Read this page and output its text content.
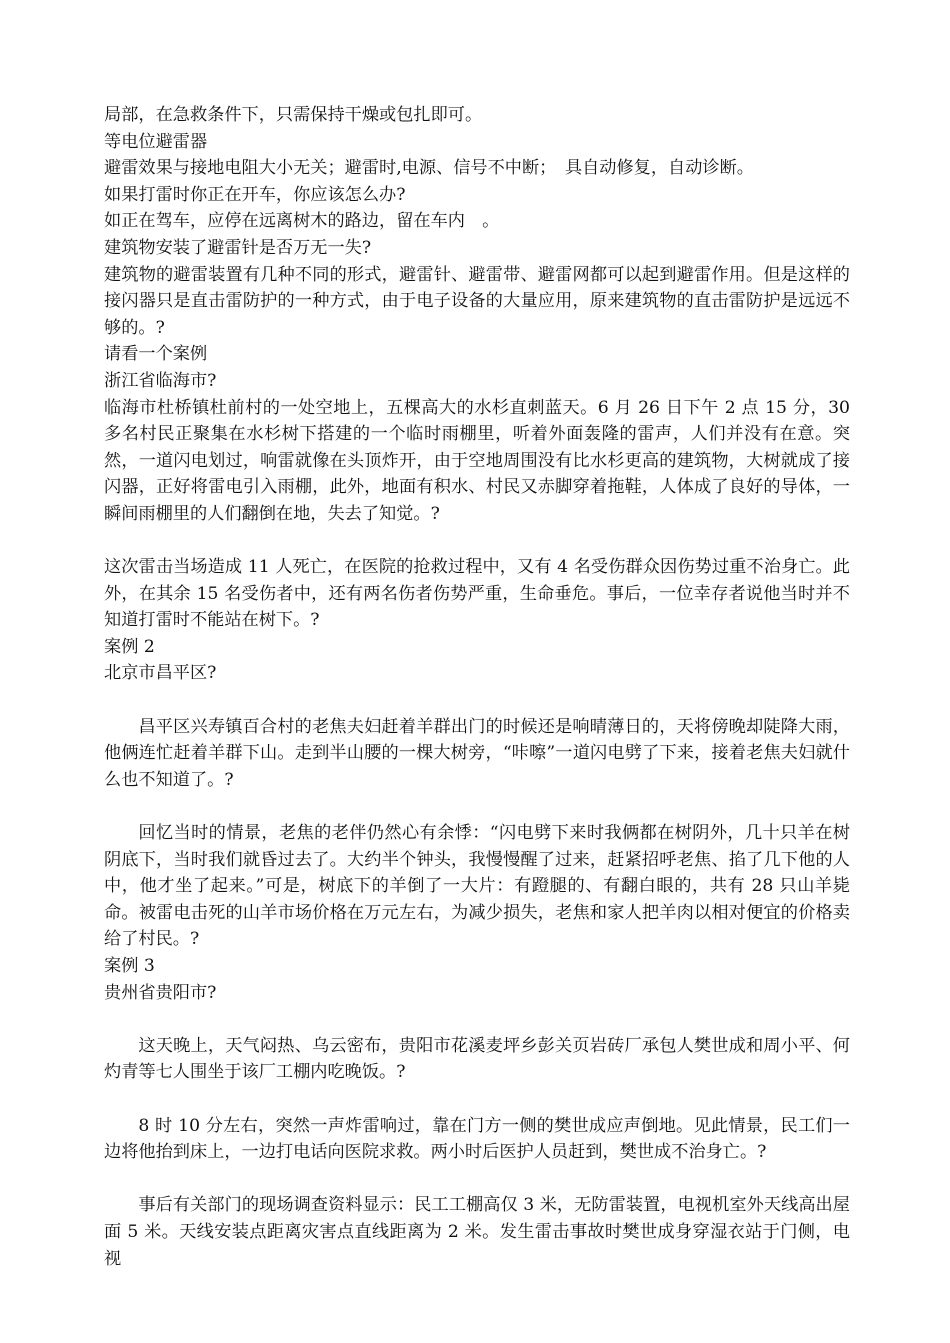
局部，在急救条件下，只需保持干燥或包扎即可。

等电位避雷器

避雷效果与接地电阻大小无关；避雷时,电源、信号不中断；　具自动修复，自动诊断。

如果打雷时你正在开车，你应该怎么办?

如正在驾车，应停在远离树木的路边，留在车内　。

建筑物安装了避雷针是否万无一失?

建筑物的避雷装置有几种不同的形式，避雷针、避雷带、避雷网都可以起到避雷作用。但是这样的接闪器只是直击雷防护的一种方式，由于电子设备的大量应用，原来建筑物的直击雷防护是远远不够的。?

请看一个案例

浙江省临海市?

临海市杜桥镇杜前村的一处空地上，五棵高大的水杉直刺蓝天。6 月 26 日下午 2 点 15 分，30 多名村民正聚集在水杉树下搭建的一个临时雨棚里，听着外面轰隆的雷声，人们并没有在意。突然，一道闪电划过，响雷就像在头顶炸开，由于空地周围没有比水杉更高的建筑物，大树就成了接闪器，正好将雷电引入雨棚，此外，地面有积水、村民又赤脚穿着拖鞋，人体成了良好的导体，一瞬间雨棚里的人们翻倒在地，失去了知觉。?

这次雷击当场造成 11 人死亡，在医院的抢救过程中，又有 4 名受伤群众因伤势过重不治身亡。此外，在其余 15 名受伤者中，还有两名伤者伤势严重，生命垂危。事后，一位幸存者说他当时并不知道打雷时不能站在树下。?

案例 2

北京市昌平区?

昌平区兴寿镇百合村的老焦夫妇赶着羊群出门的时候还是响晴薄日的，天将傍晚却陡降大雨，他俩连忙赶着羊群下山。走到半山腰的一棵大树旁，“咔嚓”一道闪电劈了下来，接着老焦夫妇就什么也不知道了。?

回忆当时的情景，老焦的老伴仍然心有余悸：“闪电劈下来时我俩都在树阴外，几十只羊在树阴底下，当时我们就昏过去了。大约半个钟头，我慢慢醒了过来，赶紧招呼老焦、掐了几下他的人中，他才坐了起来。”可是，树底下的羊倒了一大片：有蹬腿的、有翻白眼的，共有 28 只山羊毙命。被雷电击死的山羊市场价格在万元左右，为减少损失，老焦和家人把羊肉以相对便宜的价格卖给了村民。?

案例 3

贵州省贵阳市?

这天晚上，天气闷热、乌云密布，贵阳市花溪麦坪乡彭关页岩砖厂承包人樊世成和周小平、何灼青等七人围坐于该厂工棚内吃晚饭。?

8 时 10 分左右，突然一声炸雷响过，靠在门方一侧的樊世成应声倒地。见此情景，民工们一边将他抬到床上，一边打电话向医院求救。两小时后医护人员赶到，樊世成不治身亡。?

事后有关部门的现场调查资料显示：民工工棚高仅 3 米，无防雷装置，电视机室外天线高出屋面 5 米。天线安装点距离灾害点直线距离为 2 米。发生雷击事故时樊世成身穿湿衣站于门侧，电视
